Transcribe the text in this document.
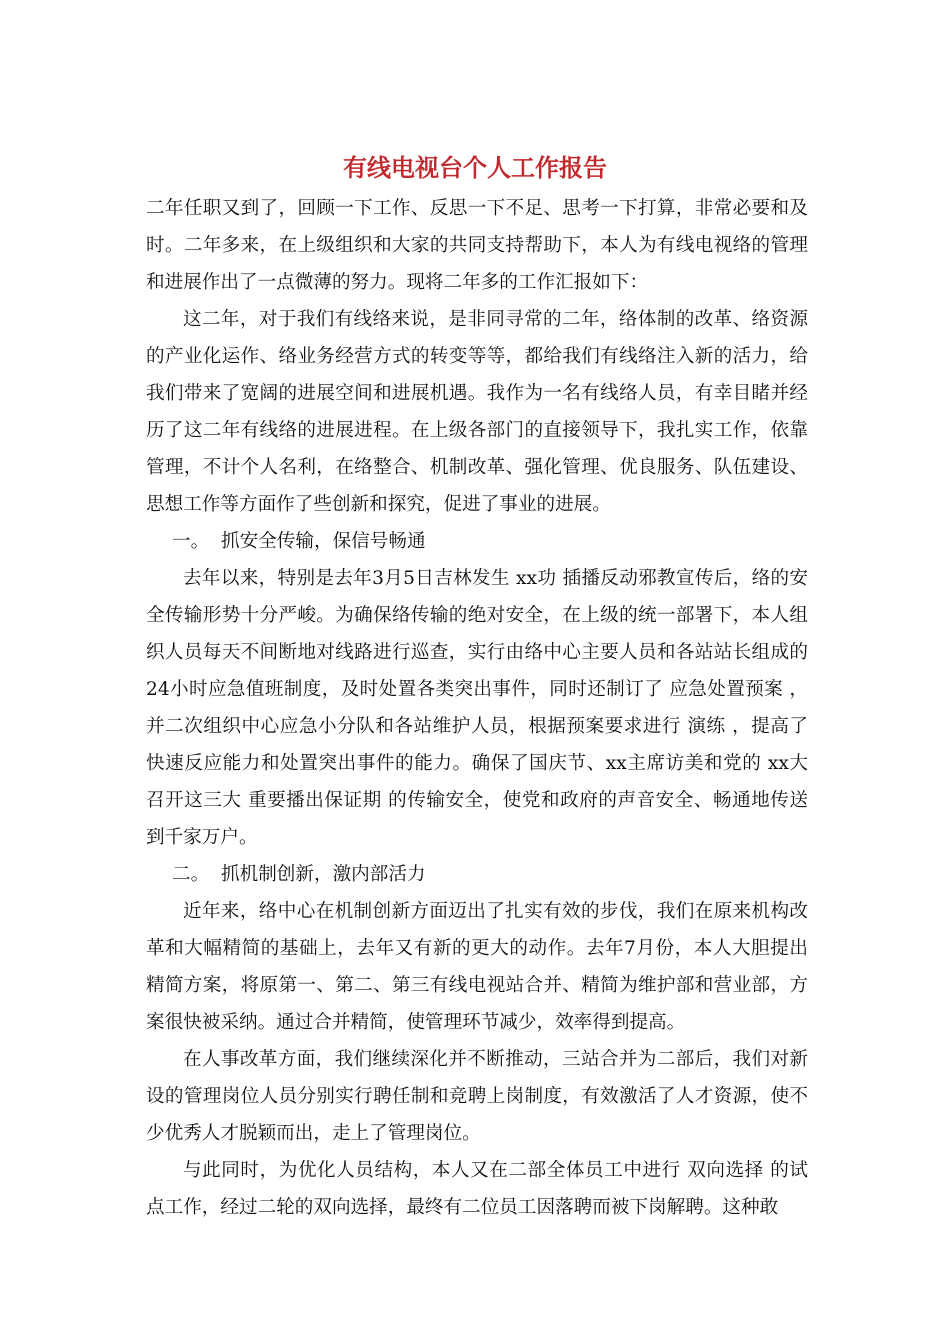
有线电视台个人工作报告

二年任职又到了，回顾一下工作、反思一下不足、思考一下打算，非常必要和及时。二年多来，在上级组织和大家的共同支持帮助下，本人为有线电视络的管理和进展作出了一点微薄的努力。现将二年多的工作汇报如下：

这二年，对于我们有线络来说，是非同寻常的二年，络体制的改革、络资源的产业化运作、络业务经营方式的转变等等，都给我们有线络注入新的活力，给我们带来了宽阔的进展空间和进展机遇。我作为一名有线络人员，有幸目睹并经历了这二年有线络的进展进程。在上级各部门的直接领导下，我扎实工作，依靠管理，不计个人名利，在络整合、机制改革、强化管理、优良服务、队伍建设、思想工作等方面作了些创新和探究，促进了事业的进展。

一。  抓安全传输，保信号畅通

去年以来，特别是去年3月5日吉林发生 xx功 插播反动邪教宣传后，络的安全传输形势十分严峻。为确保络传输的绝对安全，在上级的统一部署下，本人组织人员每天不间断地对线路进行巡查，实行由络中心主要人员和各站站长组成的24小时应急值班制度，及时处置各类突出事件，同时还制订了 应急处置预案 ，并二次组织中心应急小分队和各站维护人员，根据预案要求进行 演练 ，提高了快速反应能力和处置突出事件的能力。确保了国庆节、xx主席访美和党的 xx大 召开这三大 重要播出保证期 的传输安全，使党和政府的声音安全、畅通地传送到千家万户。

二。  抓机制创新，激内部活力

近年来，络中心在机制创新方面迈出了扎实有效的步伐，我们在原来机构改革和大幅精简的基础上，去年又有新的更大的动作。去年7月份，本人大胆提出精简方案，将原第一、第二、第三有线电视站合并、精简为维护部和营业部，方案很快被采纳。通过合并精简，使管理环节减少，效率得到提高。

在人事改革方面，我们继续深化并不断推动，三站合并为二部后，我们对新设的管理岗位人员分别实行聘任制和竞聘上岗制度，有效激活了人才资源，使不少优秀人才脱颖而出，走上了管理岗位。

与此同时，为优化人员结构，本人又在二部全体员工中进行 双向选择 的试点工作，经过二轮的双向选择，最终有二位员工因落聘而被下岗解聘。这种敢
